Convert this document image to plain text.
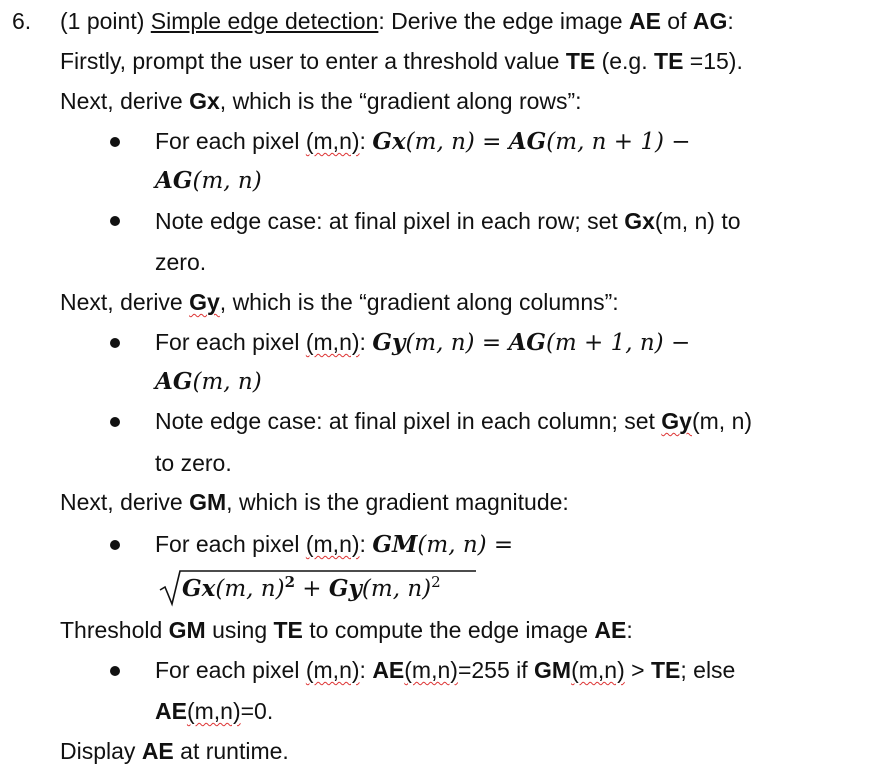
6. (1 point) Simple edge detection: Derive the edge image AE of AG:
Firstly, prompt the user to enter a threshold value TE (e.g. TE =15).
Next, derive Gx, which is the “gradient along rows”:
For each pixel (m,n): Gx(m, n) = AG(m, n + 1) −
AG(m, n)
Note edge case: at final pixel in each row; set Gx(m, n) to
zero.
Next, derive Gy, which is the “gradient along columns”:
For each pixel (m,n): Gy(m, n) = AG(m + 1, n) −
AG(m, n)
Note edge case: at final pixel in each column; set Gy(m, n)
to zero.
Next, derive GM, which is the gradient magnitude:
For each pixel (m,n): GM(m, n) =
Gx(m, n)$^2$ + Gy(m, n)$^2$
Threshold GM using TE to compute the edge image AE:
For each pixel (m,n): AE(m,n)=255 if GM(m,n) > TE; else
AE(m,n)=0.
Display AE at runtime.
